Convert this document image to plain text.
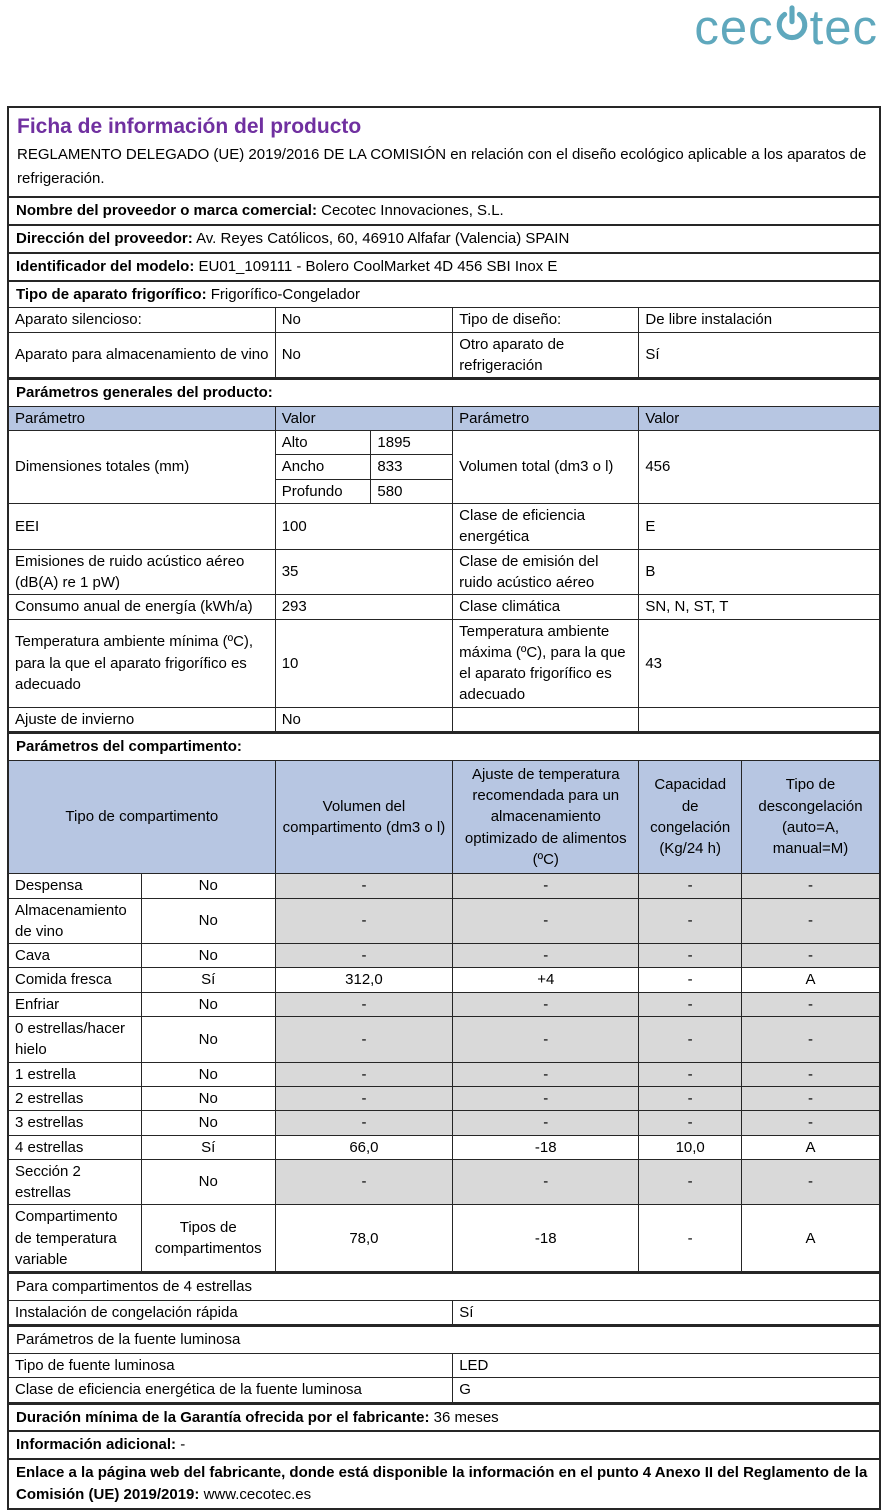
cec tec
Ficha de información del producto

REGLAMENTO DELEGADO (UE) 2019/2016 DE LA COMISIÓN en relación con el diseño ecológico aplicable a los aparatos de refrigeración.

Nombre del proveedor o marca comercial: Cecotec Innovaciones, S.L.
Dirección del proveedor: Av. Reyes Católicos, 60, 46910 Alfafar (Valencia) SPAIN
Identificador del modelo: EU01_109111 - Bolero CoolMarket 4D 456 SBI Inox E
Tipo de aparato frigorífico: Frigorífico-Congelador
Aparato silencioso:	No	Tipo de diseño:	De libre instalación
Aparato para almacenamiento de vino	No	Otro aparato de refrigeración	Sí
Parámetros generales del producto:
Parámetro	Valor		Parámetro	Valor
Dimensiones totales (mm)	Alto	1895	Volumen total (dm3 o l)	456
	Ancho	833		
	Profundo	580		
EEI	100		Clase de eficiencia energética	E
Emisiones de ruido acústico aéreo (dB(A) re 1 pW)	35		Clase de emisión del ruido acústico aéreo	B
Consumo anual de energía (kWh/a)	293		Clase climática	SN, N, ST, T
Temperatura ambiente mínima (ºC), para la que el aparato frigorífico es adecuado	10		Temperatura ambiente máxima (ºC), para la que el aparato frigorífico es adecuado	43
Ajuste de invierno	No			
Parámetros del compartimento:
Tipo de compartimento		Volumen del compartimento (dm3 o l)	Ajuste de temperatura recomendada para un almacenamiento optimizado de alimentos (ºC)	Capacidad de congelación (Kg/24 h)	Tipo de descongelación (auto=A, manual=M)
Despensa	No	-	-	-	-
Almacenamiento de vino	No	-	-	-	-
Cava	No	-	-	-	-
Comida fresca	Sí	312,0	+4	-	A
Enfriar	No	-	-	-	-
0 estrellas/hacer hielo	No	-	-	-	-
1 estrella	No	-	-	-	-
2 estrellas	No	-	-	-	-
3 estrellas	No	-	-	-	-
4 estrellas	Sí	66,0	-18	10,0	A
Sección 2 estrellas	No	-	-	-	-
Compartimento de temperatura variable	Tipos de compartimentos	78,0	-18	-	A
Para compartimentos de 4 estrellas
Instalación de congelación rápida	Sí
Parámetros de la fuente luminosa
Tipo de fuente luminosa	LED
Clase de eficiencia energética de la fuente luminosa	G
Duración mínima de la Garantía ofrecida por el fabricante: 36 meses
Información adicional: -
Enlace a la página web del fabricante, donde está disponible la información en el punto 4 Anexo II del Reglamento de la Comisión (UE) 2019/2019: www.cecotec.es
